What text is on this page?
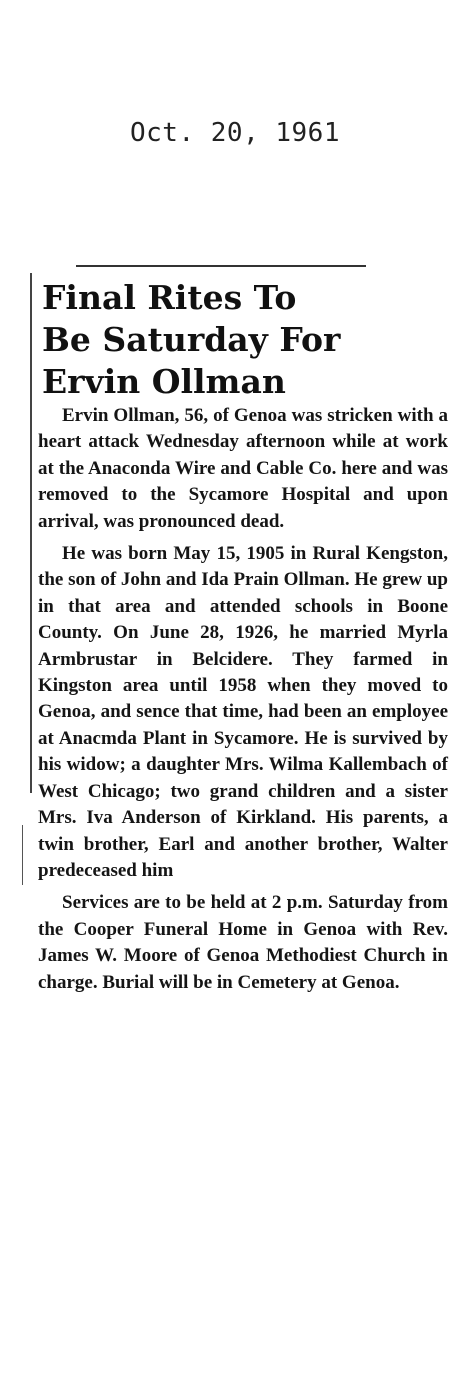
Oct. 20, 1961
Final Rites To
Be Saturday For
Ervin Ollman

Ervin Ollman, 56, of Genoa was stricken with a heart attack Wednesday afternoon while at work at the Anaconda Wire and Cable Co. here and was removed to the Sycamore Hospital and upon arrival, was pronounced dead.

He was born May 15, 1905 in Rural Kengston, the son of John and Ida Prain Ollman. He grew up in that area and attended schools in Boone County. On June 28, 1926, he married Myrla Armbrustar in Belcidere. They farmed in Kingston area until 1958 when they moved to Genoa, and sence that time, had been an employee at Anacmda Plant in Sycamore. He is survived by his widow; a daughter Mrs. Wilma Kallembach of West Chicago; two grand children and a sister Mrs. Iva Anderson of Kirkland. His parents, a twin brother, Earl and another brother, Walter predeceased him

Services are to be held at 2 p.m. Saturday from the Cooper Funeral Home in Genoa with Rev. James W. Moore of Genoa Methodiest Church in charge. Burial will be in Cemetery at Genoa.
